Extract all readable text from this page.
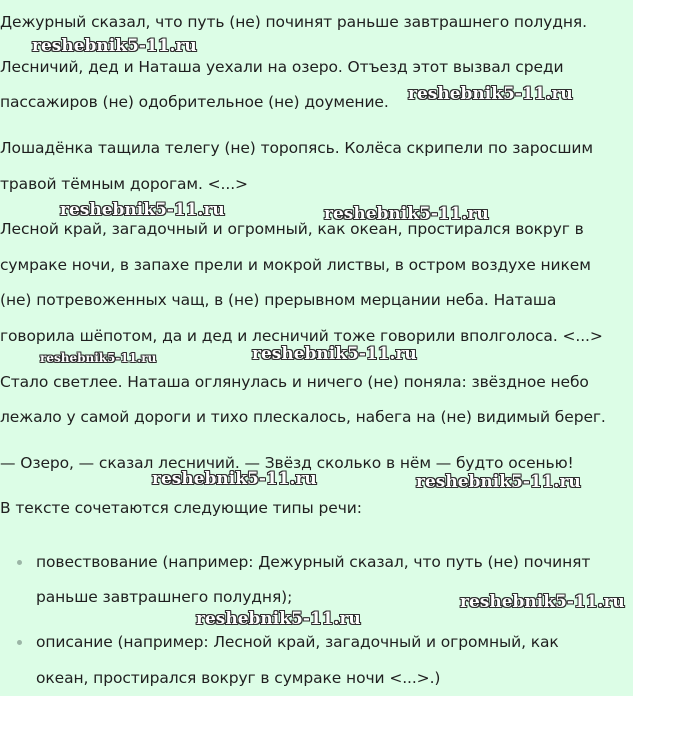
Дежурный сказал, что путь (не) починят раньше завтрашнего полудня.
Лесничий, дед и Наташа уехали на озеро. Отъезд этот вызвал среди
пассажиров (не) одобрительное (не) доумение.
Лошадёнка тащила телегу (не) торопясь. Колёса скрипели по заросшим
травой тёмным дорогам. <...>
Лесной край, загадочный и огромный, как океан, простирался вокруг в
сумраке ночи, в запахе прели и мокрой листвы, в остром воздухе никем
(не) потревоженных чащ, в (не) прерывном мерцании неба. Наташа
говорила шёпотом, да и дед и лесничий тоже говорили вполголоса. <...>
Стало светлее. Наташа оглянулась и ничего (не) поняла: звёздное небо
лежало у самой дороги и тихо плескалось, набега на (не) видимый берег.
— Озеро, — сказал лесничий. — Звёзд сколько в нём — будто осенью!
В тексте сочетаются следующие типы речи:
повествование (например: Дежурный сказал, что путь (не) починят
раньше завтрашнего полудня);
описание (например: Лесной край, загадочный и огромный, как
океан, простирался вокруг в сумраке ночи <...>.)
reshebnik5-11.ru
reshebnik5-11.ru
reshebnik5-11.ru	reshebnik5-11.ru
reshebnik5-11.ru	reshebnik5-11.ru
reshebnik5-11.ru	reshebnik5-11.ru
reshebnik5-11.ru
reshebnik5-11.ru
